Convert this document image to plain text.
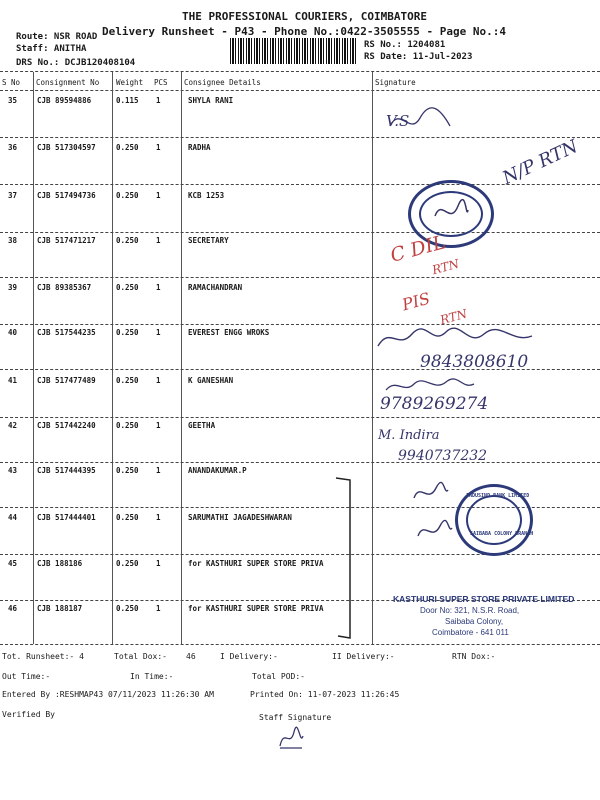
THE PROFESSIONAL COURIERS, COIMBATORE
Delivery Runsheet - P43 - Phone No.:0422-3505555 - Page No.:4
Route: NSR ROAD
Staff: ANITHA
DRS No.: DCJB120408104
RS No.: 1204081
RS Date: 11-Jul-2023
S No Consignment No Weight PCS Consignee Details	Signature
35	CJB 89594886	0.115 1	SHYLA RANI
36	CJB 517304597	0.250 1	RADHA
37	CJB 517494736	0.250 1	KCB 1253
38	CJB 517471217	0.250 1	SECRETARY
39	CJB 89385367	0.250 1	RAMACHANDRAN
40	CJB 517544235	0.250 1	EVEREST ENGG WROKS
41	CJB 517477489	0.250 1	K GANESHAN
42	CJB 517442240	0.250 1	GEETHA
43	CJB 517444395	0.250 1	ANANDAKUMAR.P
44	CJB 517444401	0.250 1	SARUMATHI JAGADESHWARAN
45	CJB 188186	0.250 1	for KASTHURI SUPER STORE PRIVA
46	CJB 188187	0.250 1	for KASTHURI SUPER STORE PRIVA
V.S
N/P RTN
C DIL
RTN
PIS
RTN
9843808610
9789269274
M. Indira
9940737232
INDUSIND BANK LIMITED
SAIBABA COLONY BRANCH
KASTHURI SUPER STORE PRIVATE LIMITED
Door No: 321, N.S.R. Road,
Saibaba Colony,
Coimbatore - 641 011
Tot. Runsheet:- 4	Total Dox:- 46	I Delivery:-	II Delivery:-	RTN Dox:-
Out Time:-	In Time:-	Total POD:-
Entered By :RESHMAP43 07/11/2023 11:26:30 AM	Printed On: 11-07-2023 11:26:45
Verified By	Staff Signature
